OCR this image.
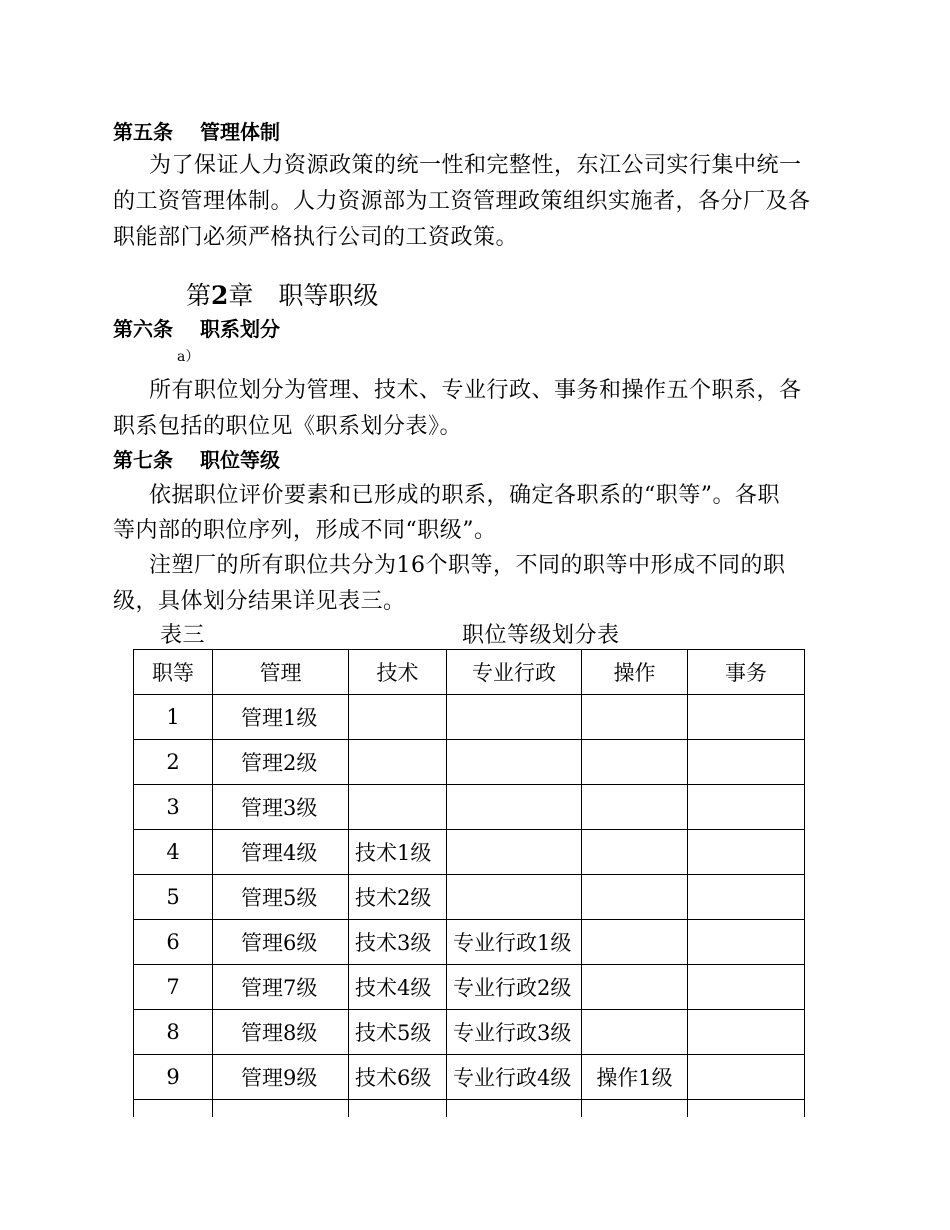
第五条　 管理体制
为了保证人力资源政策的统一性和完整性，东江公司实行集中统一
的工资管理体制。人力资源部为工资管理政策组织实施者，各分厂及各
职能部门必须严格执行公司的工资政策。
第2章　职等职级
第六条　 职系划分
a）
所有职位划分为管理、技术、专业行政、事务和操作五个职系，各
职系包括的职位见《职系划分表》。
第七条　 职位等级
依据职位评价要素和已形成的职系，确定各职系的“职等”。各职
等内部的职位序列，形成不同“职级”。
注塑厂的所有职位共分为16个职等，不同的职等中形成不同的职
级，具体划分结果详见表三。
表三	职位等级划分表
职等	管理	技术	专业行政	操作	事务
1	管理1级				
2	管理2级				
3	管理3级				
4	管理4级	技术1级			
5	管理5级	技术2级			
6	管理6级	技术3级	专业行政1级		
7	管理7级	技术4级	专业行政2级		
8	管理8级	技术5级	专业行政3级		
9	管理9级	技术6级	专业行政4级	操作1级	
